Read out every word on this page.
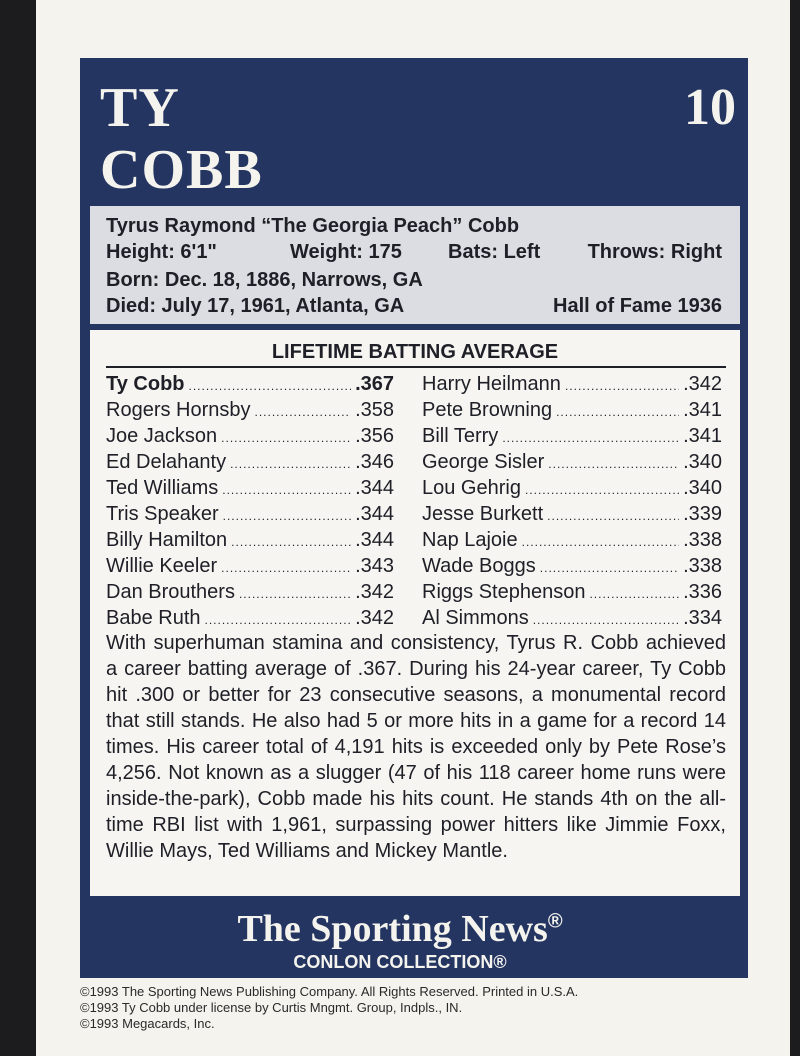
TY
COBB
10
Tyrus Raymond “The Georgia Peach” Cobb
Height: 6'1"	Weight: 175 Bats: Left Throws: Right
Born: Dec. 18, 1886, Narrows, GA
Died: July 17, 1961, Atlanta, GA	Hall of Fame 1936
LIFETIME BATTING AVERAGE
Ty Cobb .....	.367
Rogers Hornsby .....	.358
Joe Jackson .....	.356
Ed Delahanty .....	.346
Ted Williams .....	.344
Tris Speaker .....	.344
Billy Hamilton .....	.344
Willie Keeler .....	.343
Dan Brouthers .....	.342
Babe Ruth .....	.342
Harry Heilmann .....	.342
Pete Browning .....	.341
Bill Terry .....	.341
George Sisler .....	.340
Lou Gehrig .....	.340
Jesse Burkett .....	.339
Nap Lajoie .....	.338
Wade Boggs .....	.338
Riggs Stephenson .....	.336
Al Simmons .....	.334
With superhuman stamina and consistency, Tyrus R. Cobb achieved a career batting average of .367. During his 24-year career, Ty Cobb hit .300 or better for 23 consecutive seasons, a monumental record that still stands. He also had 5 or more hits in a game for a record 14 times. His career total of 4,191 hits is exceeded only by Pete Rose’s 4,256. Not known as a slugger (47 of his 118 career home runs were inside-the-park), Cobb made his hits count. He stands 4th on the all-time RBI list with 1,961, surpassing power hitters like Jimmie Foxx, Willie Mays, Ted Williams and Mickey Mantle.
The Sporting News®
CONLON COLLECTION®
©1993 The Sporting News Publishing Company. All Rights Reserved. Printed in U.S.A.
©1993 Ty Cobb under license by Curtis Mngmt. Group, Indpls., IN.
©1993 Megacards, Inc.
